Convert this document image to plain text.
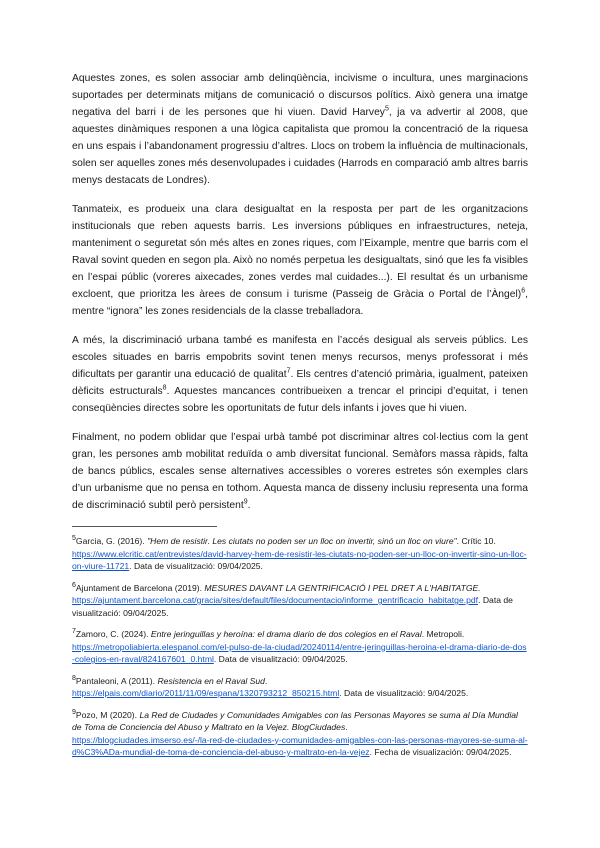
Aquestes zones, es solen associar amb delinqüència, incivisme o incultura, unes marginacions suportades per determinats mitjans de comunicació o discursos polítics. Això genera una imatge negativa del barri i de les persones que hi viuen. David Harvey$^5$, ja va advertir al 2008, que aquestes dinàmiques responen a una lògica capitalista que promou la concentració de la riquesa en uns espais i l’abandonament progressiu d’altres. Llocs on trobem la influència de multinacionals, solen ser aquelles zones més desenvolupades i cuidades (Harrods en comparació amb altres barris menys destacats de Londres).

Tanmateix, es produeix una clara desigualtat en la resposta per part de les organitzacions institucionals que reben aquests barris. Les inversions públiques en infraestructures, neteja, manteniment o seguretat són més altes en zones riques, com l’Eixample, mentre que barris com el Raval sovint queden en segon pla. Això no només perpetua les desigualtats, sinó que les fa visibles en l’espai públic (voreres aixecades, zones verdes mal cuidades...). El resultat és un urbanisme excloent, que prioritza les àrees de consum i turisme (Passeig de Gràcia o Portal de l’Àngel)$^6$, mentre “ignora” les zones residencials de la classe treballadora.

A més, la discriminació urbana també es manifesta en l’accés desigual als serveis públics. Les escoles situades en barris empobrits sovint tenen menys recursos, menys professorat i més dificultats per garantir una educació de qualitat$^7$. Els centres d’atenció primària, igualment, pateixen dèficits estructurals$^8$. Aquestes mancances contribueixen a trencar el principi d’equitat, i tenen conseqüències directes sobre les oportunitats de futur dels infants i joves que hi viuen.

Finalment, no podem oblidar que l’espai urbà també pot discriminar altres col·lectius com la gent gran, les persones amb mobilitat reduïda o amb diversitat funcional. Semàfors massa ràpids, falta de bancs públics, escales sense alternatives accessibles o voreres estretes són exemples clars d’un urbanisme que no pensa en tothom. Aquesta manca de disseny inclusiu representa una forma de discriminació subtil però persistent$^9$.

$^5$Garcia, G. (2016). "Hem de resistir. Les ciutats no poden ser un lloc on invertir, sinó un lloc on viure". Crític 10.
https://www.elcritic.cat/entrevistes/david-harvey-hem-de-resistir-les-ciutats-no-poden-ser-un-lloc-on-invertir-sino-un-lloc-on-viure-11721. Data de visualització: 09/04/2025.
$^6$Ajuntament de Barcelona (2019). MESURES DAVANT LA GENTRIFICACIÓ I PEL DRET A L'HABITATGE.
https://ajuntament.barcelona.cat/gracia/sites/default/files/documentacio/informe_gentrificacio_habitatge.pdf. Data de visualització: 09/04/2025.
$^7$Zamoro, C. (2024). Entre jeringuillas y heroína: el drama diario de dos colegios en el Raval. Metropoli.
https://metropoliabierta.elespanol.com/el-pulso-de-la-ciudad/20240114/entre-jeringuillas-heroina-el-drama-diario-de-dos-colegios-en-raval/824167601_0.html. Data de visualització: 09/04/2025.
$^8$Pantaleoni, A (2011). Resistencia en el Raval Sud.
https://elpais.com/diario/2011/11/09/espana/1320793212_850215.html. Data de visualització: 9/04/2025.
$^9$Pozo, M (2020). La Red de Ciudades y Comunidades Amigables con las Personas Mayores se suma al Día Mundial de Toma de Conciencia del Abuso y Maltrato en la Vejez. BlogCiudades.
https://blogciudades.imserso.es/-/la-red-de-ciudades-y-comunidades-amigables-con-las-personas-mayores-se-suma-al-d%C3%ADa-mundial-de-toma-de-conciencia-del-abuso-y-maltrato-en-la-vejez. Fecha de visualización: 09/04/2025.
